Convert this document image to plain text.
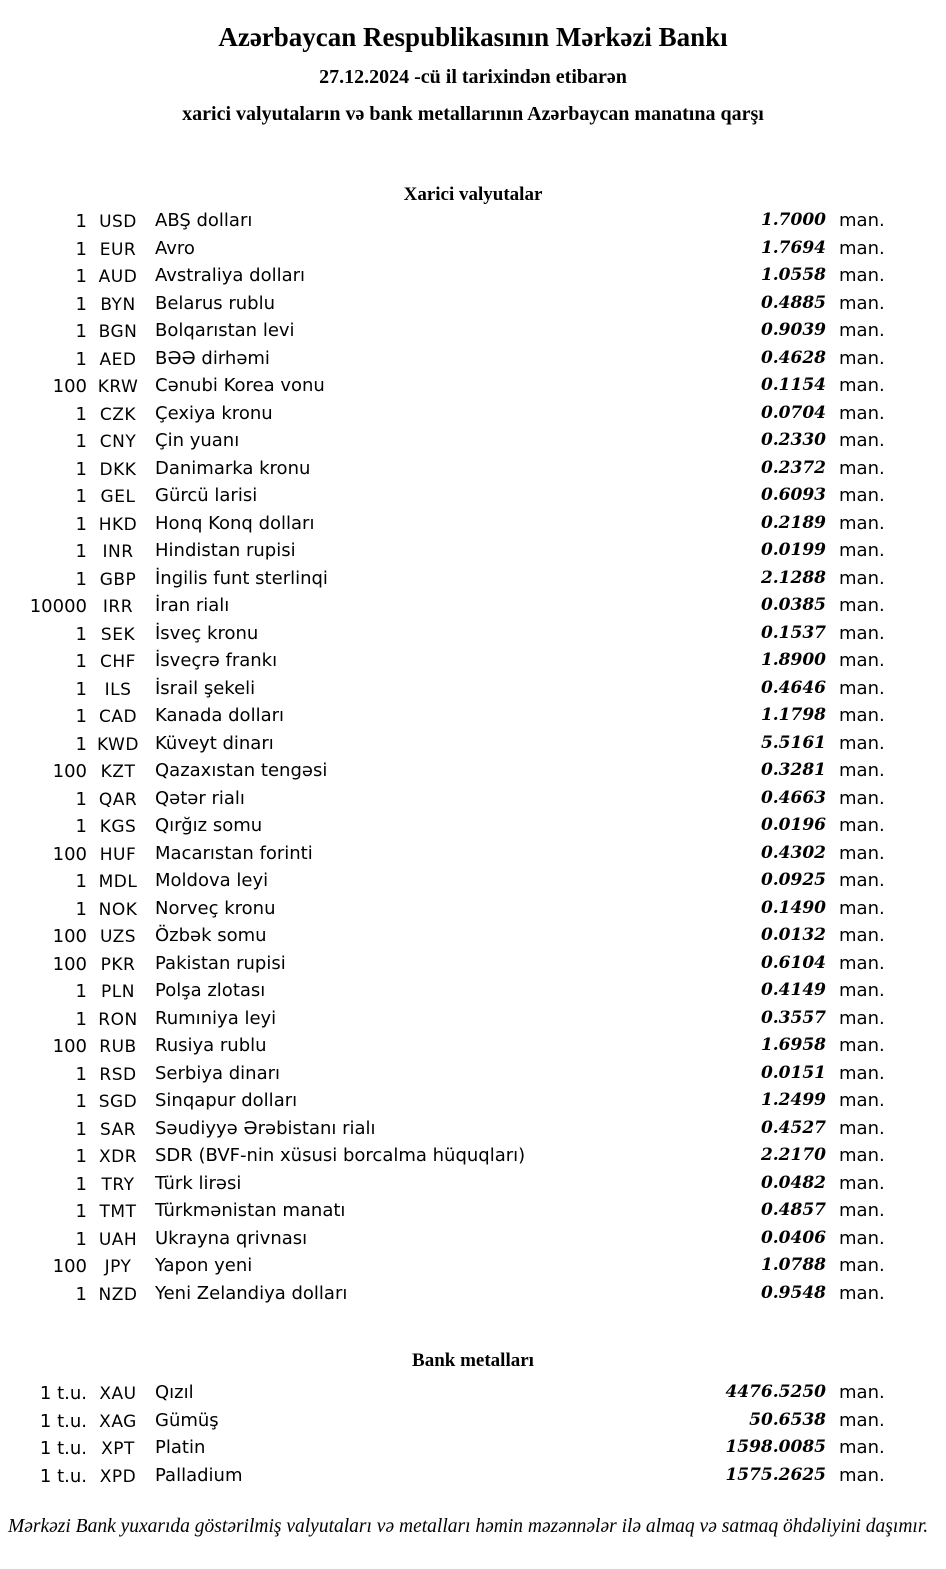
Azərbaycan Respublikasının Mərkəzi Bankı
27.12.2024 -cü il tarixindən etibarən
xarici valyutaların və bank metallarının Azərbaycan manatına qarşı
Xarici valyutalar
1 USD	ABŞ dolları	1.7000 man.
1 EUR	Avro	1.7694 man.
1 AUD Avstraliya dolları	1.0558 man.
1 BYN	Belarus rublu	0.4885 man.
1 BGN Bolqarıstan levi	0.9039 man.
1 AED	BƏƏ dirhəmi	0.4628 man.
100 KRW Cənubi Korea vonu	0.1154 man.
1 CZK	Çexiya kronu	0.0704 man.
1 CNY	Çin yuanı	0.2330 man.
1 DKK	Danimarka kronu	0.2372 man.
1 GEL	Gürcü larisi	0.6093 man.
1 HKD Honq Konq dolları	0.2189 man.
1 INR	Hindistan rupisi	0.0199 man.
1 GBP	İngilis funt sterlinqi	2.1288 man.
10000 IRR	İran rialı	0.0385 man.
1 SEK	İsveç kronu	0.1537 man.
1 CHF	İsveçrə frankı	1.8900 man.
1	ILS	İsrail şekeli	0.4646 man.
1 CAD Kanada dolları	1.1798 man.
1 KWD Küveyt dinarı	5.5161 man.
100 KZT	Qazaxıstan tengəsi	0.3281 man.
1 QAR Qətər rialı	0.4663 man.
1 KGS	Qırğız somu	0.0196 man.
100 HUF	Macarıstan forinti	0.4302 man.
1 MDL Moldova leyi	0.0925 man.
1 NOK Norveç kronu	0.1490 man.
100 UZS	Özbək somu	0.0132 man.
100 PKR	Pakistan rupisi	0.6104 man.
1 PLN	Polşa zlotası	0.4149 man.
1 RON Rumıniya leyi	0.3557 man.
100 RUB	Rusiya rublu	1.6958 man.
1 RSD	Serbiya dinarı	0.0151 man.
1 SGD Sinqapur dolları	1.2499 man.
1 SAR	Səudiyyə Ərəbistanı rialı	0.4527 man.
1 XDR SDR (BVF-nin xüsusi borcalma hüquqları)	2.2170 man.
1 TRY	Türk lirəsi	0.0482 man.
1 TMT	Türkmənistan manatı	0.4857 man.
1 UAH Ukrayna qrivnası	0.0406 man.
100	JPY	Yapon yeni	1.0788 man.
1 NZD Yeni Zelandiya dolları	0.9548 man.
Bank metalları
1 t.u. XAU	Qızıl	4476.5250 man.
1 t.u. XAG	Gümüş	50.6538 man.
1 t.u. XPT	Platin	1598.0085 man.
1 t.u. XPD	Palladium	1575.2625 man.
Mərkəzi Bank yuxarıda göstərilmiş valyutaları və metalları həmin məzənnələr ilə almaq və satmaq öhdəliyini daşımır.
